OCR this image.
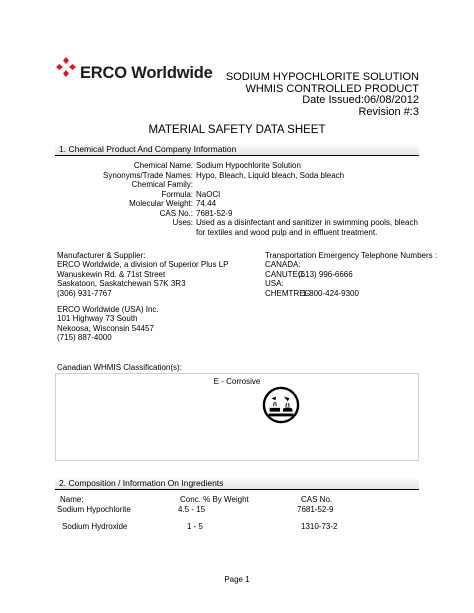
ERCO Worldwide SODIUM HYPOCHLORITE SOLUTION
WHMIS CONTROLLED PRODUCT
Date Issued:06/08/2012
Revision #:3
MATERIAL SAFETY DATA SHEET
1. Chemical Product And Company Information
Chemical Name: Sodium Hypochlorite Solution
Synonyms/Trade Names: Hypo, Bleach, Liquid bleach, Soda bleach
Chemical Family:
Formula: NaOCl
Molecular Weight: 74.44
CAS No.: 7681-52-9
Uses: Used as a disinfectant and sanitizer in swimming pools, bleach
for textiles and wood pulp and in effluent treatment.
Manufacturer & Supplier:
ERCO Worldwide, a division of Superior Plus LP
Wanuskewin Rd. & 71st Street
Saskatoon, Saskatchewan S7K 3R3
(306) 931-7767
Transportation Emergency Telephone Numbers :
CANADA:
CANUTEC
(613) 996-6666
USA:
CHEMTREC
1-800-424-9300
ERCO Worldwide (USA) Inc.
101 Highway 73 South
Nekoosa, Wisconsin 54457
(715) 887-4000
Canadian WHMIS Classification(s):
E - Corrosive
2. Composition / Information On Ingredients
Name:	Conc. % By Weight	CAS No.
Sodium Hypochlorite	4.5 - 15	7681-52-9
Sodium Hydroxide	1 - 5	1310-73-2
Page 1
